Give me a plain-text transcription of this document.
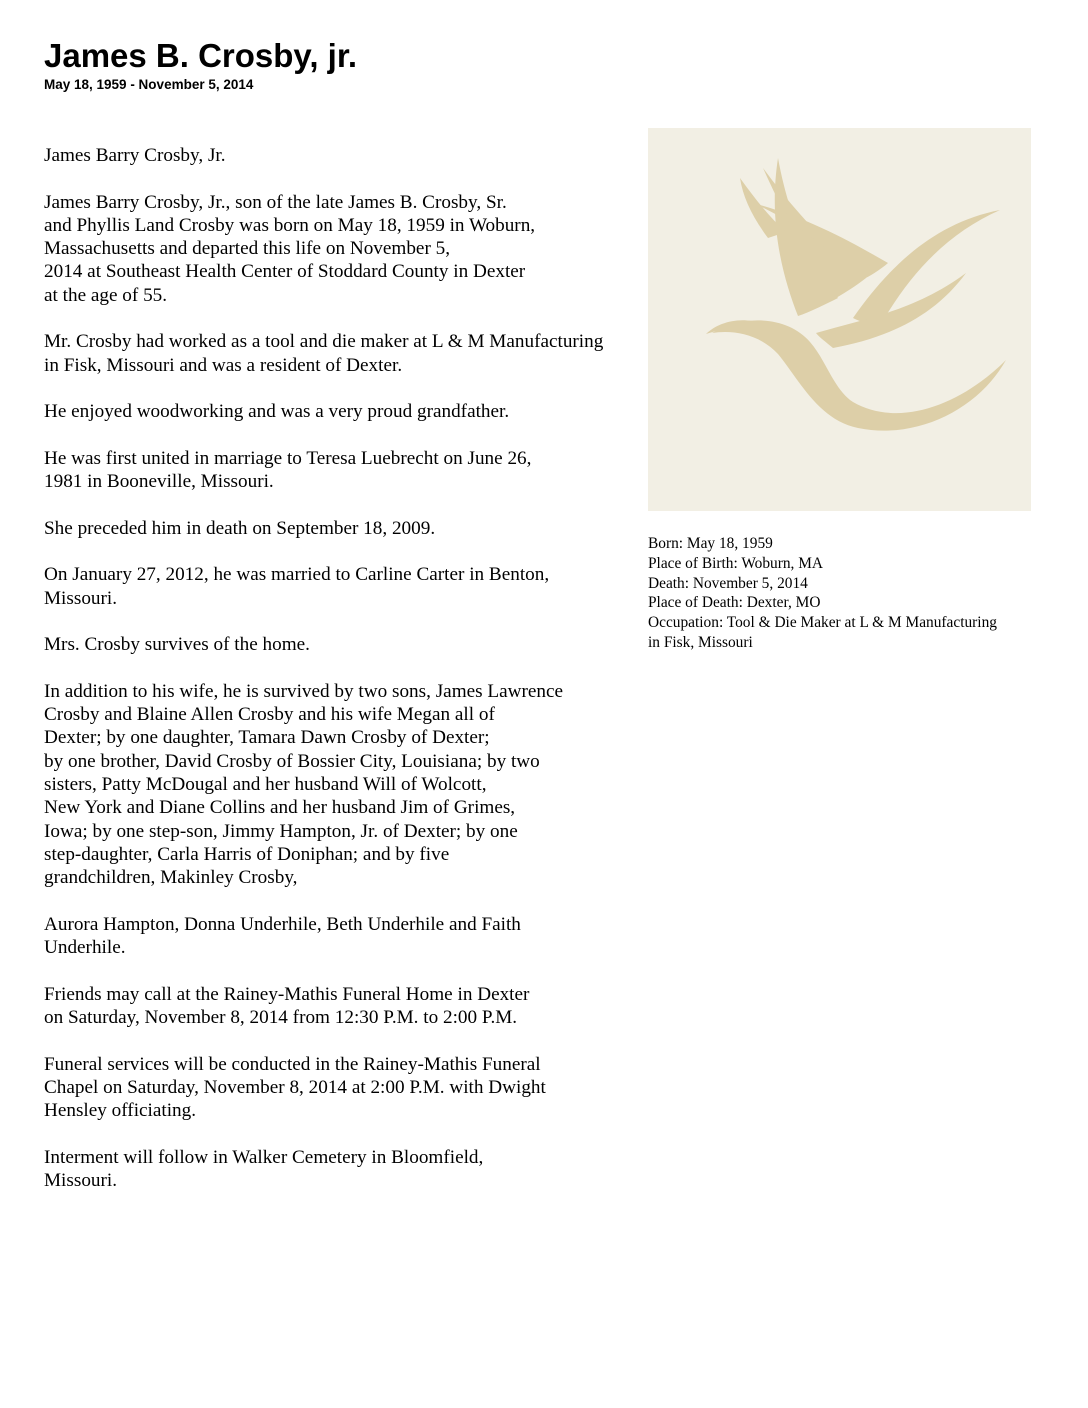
James B. Crosby, jr.
May 18, 1959 - November 5, 2014

James Barry Crosby, Jr.

James Barry Crosby, Jr., son of the late James B. Crosby, Sr.
and Phyllis Land Crosby was born on May 18, 1959 in Woburn,
Massachusetts and departed this life on November 5,
2014 at Southeast Health Center of Stoddard County in Dexter
at the age of 55.

Mr. Crosby had worked as a tool and die maker at L & M Manufacturing
in Fisk, Missouri and was a resident of Dexter.

He enjoyed woodworking and was a very proud grandfather.

He was first united in marriage to Teresa Luebrecht on June 26,
1981 in Booneville, Missouri.

She preceded him in death on September 18, 2009.

On January 27, 2012, he was married to Carline Carter in Benton,
Missouri.

Mrs. Crosby survives of the home.

In addition to his wife, he is survived by two sons, James Lawrence
Crosby and Blaine Allen Crosby and his wife Megan all of
Dexter; by one daughter, Tamara Dawn Crosby of Dexter;
by one brother, David Crosby of Bossier City, Louisiana; by two
sisters, Patty McDougal and her husband Will of Wolcott,
New York and Diane Collins and her husband Jim of Grimes,
Iowa; by one step-son, Jimmy Hampton, Jr. of Dexter; by one
step-daughter, Carla Harris of Doniphan; and by five
grandchildren, Makinley Crosby,

Aurora Hampton, Donna Underhile, Beth Underhile and Faith
Underhile.

Friends may call at the Rainey-Mathis Funeral Home in Dexter
on Saturday, November 8, 2014 from 12:30 P.M. to 2:00 P.M.

Funeral services will be conducted in the Rainey-Mathis Funeral
Chapel on Saturday, November 8, 2014 at 2:00 P.M. with Dwight
Hensley officiating.

Interment will follow in Walker Cemetery in Bloomfield,
Missouri.

Born: May 18, 1959
Place of Birth: Woburn, MA
Death: November 5, 2014
Place of Death: Dexter, MO
Occupation: Tool & Die Maker at L & M Manufacturing
in Fisk, Missouri
